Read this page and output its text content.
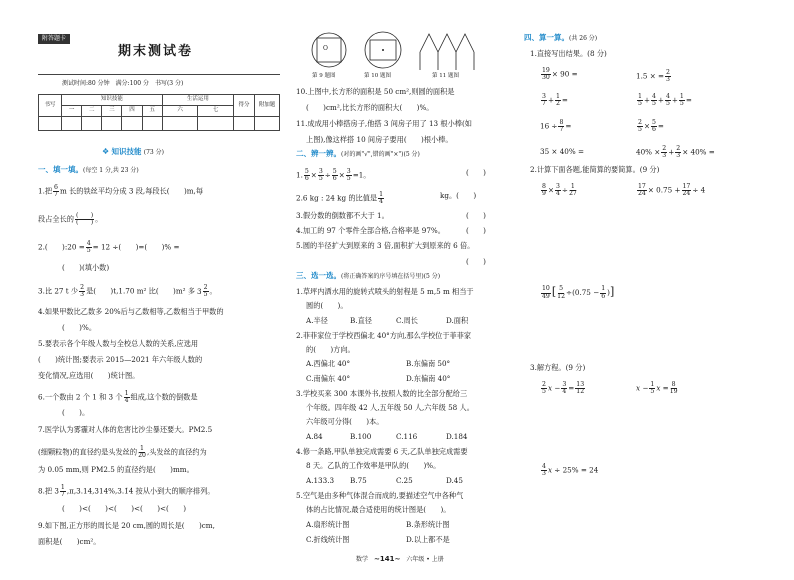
附答题卡
期末测试卷
测试时间:80 分钟　满分:100 分　书写(3 分)
书写	知识技能					生活运用		得分	附加题
	一	二	三	四	五	六	七		

❖ 知识技能 (73 分)
一、填一填。(每空 1 分,共 23 分)
1.把 $\frac{6}{7}$ m 长的铁丝平均分成 3 段,每段长(　　)m,每
段占全长的 $\frac{( )}{( )}$ 。
2.(　　):20 = $\frac{4}{5} = 12$ ÷(　　)=(　　)% =
(　　)(填小数)
3.比 27 t 少 $\frac{2}{3}$ 是(　　)t,1.70 m² 比(　　)m² 多 $3 \frac{2}{5}$ 。
4.如果甲数比乙数多 20%后与乙数相等,乙数相当于甲数的
(　　)%。
5.要表示各个年级人数与全校总人数的关系,应选用
(　　)统计图;要表示 2015—2021 年六年级人数的
变化情况,应选用(　　)统计图。
6.一个数由 2 个 1 和 3 个 $\frac{1}{4}$ 组成,这个数的倒数是
(　　)。
7.医学认为雾霾对人体的危害比沙尘暴还要大。PM2.5
(细颗粒物)的直径约是头发丝的 $\frac{1}{20}$ ,头发丝的直径约为
为 0.05 mm,则 PM2.5 的直径约是(　　)mm。
8.把 $3 \frac{1}{7}$ ,π,3.14,314%,3.1̇4̇ 按从小到大的顺序排列。
(　　)<(　　)<(　　)<(　　)<(　　)
9.如下图,正方形的周长是 20 cm,圆的周长是(　　)cm,
面积是(　　)cm²。
O
第 9 题图	第 10 题图	第 11 题图
10.上图中,长方形的面积是 50 cm²,则圆的面积是
(　　)cm²,比长方形的面积大(　　)%。
11.成成用小棒搭房子,他搭 3 间房子用了 13 根小棒(如
上图),像这样搭 10 间房子要用(　　)根小棒。
二、辨一辨。(对的画"√",错的画"×")(5 分)
1. $\frac{5}{6} \times \frac{3}{5} \div \frac{5}{6} \times \frac{3}{5} =1$。	(　　)
2.6 kg : 24 kg 的比值是 $\frac{1}{4}$	kg。(　　)
3.假分数的倒数都不大于 1。	(　　)
4.加工的 97 个零件全部合格,合格率是 97%。	(　　)
5.圆的半径扩大到原来的 3 倍,面积扩大到原来的 6 倍。
(　　)
三、选一选。(将正确答案的序号填在括号里)(5 分)
1.草坪内洒水用的旋转式喷头的射程是 5 m,5 m 相当于
圆的(　　)。
A.半径	B.直径	C.周长	D.面积
2.菲菲家位于学校西偏北 40°方向,那么学校位于菲菲家
的(　　)方向。
A.西偏北 40°	B.东偏南 50°
C.南偏东 40°	D.东偏南 40°
3.学校买来 300 本课外书,按照人数的比全部分配给三
个年级。四年级 42 人,五年级 50 人,六年级 58 人。
六年级可分得(　　)本。
A.84	B.100	C.116	D.184
4.修一条路,甲队单独完成需要 6 天,乙队单独完成需要
8 天。乙队的工作效率是甲队的(　　)%。
A.133.3 B.75	C.25	D.45
5.空气是由多种气体混合而成的,要描述空气中各种气
体的占比情况,最合适使用的统计图是(　　)。
A.扇形统计图	B.条形统计图
C.折线统计图	D.以上都不是
数学　 ~141~　 六年级 • 上册
四、算一算。(共 26 分)
1.直接写出结果。(8 分)
$\frac{19}{30} \times 90$ =	1.5 × = $\frac{2}{3}$
$\frac{3}{7} + \frac{1}{2}$ =	$\frac{1}{5} + \frac{4}{5} + \frac{4}{5} + \frac{1}{5}$ =
$16 \div \frac{8}{7}$ =	$\frac{2}{5} \times \frac{5}{6}$ =
35 × 40% =	$40\% \times \frac{2}{3} + \frac{2}{3} \times 40\%$ =
2.计算下面各题,能简算的要简算。(9 分)
$\frac{8}{9} \times \frac{3}{4} \div \frac{1}{27}$	$\frac{17}{24} \times 0.75 + \frac{17}{24} \div 4$
$\frac{10}{49}$ [ $\frac{5}{12} \div(0.75 - \frac{1}{6}$ )]
3.解方程。(9 分)
$\frac{2}{5}$ $x - \frac{3}{4} = \frac{13}{12}$	$x - \frac{1}{5}$ $x = \frac{8}{19}$
$\frac{4}{3}$ x ÷ 25% = 24
